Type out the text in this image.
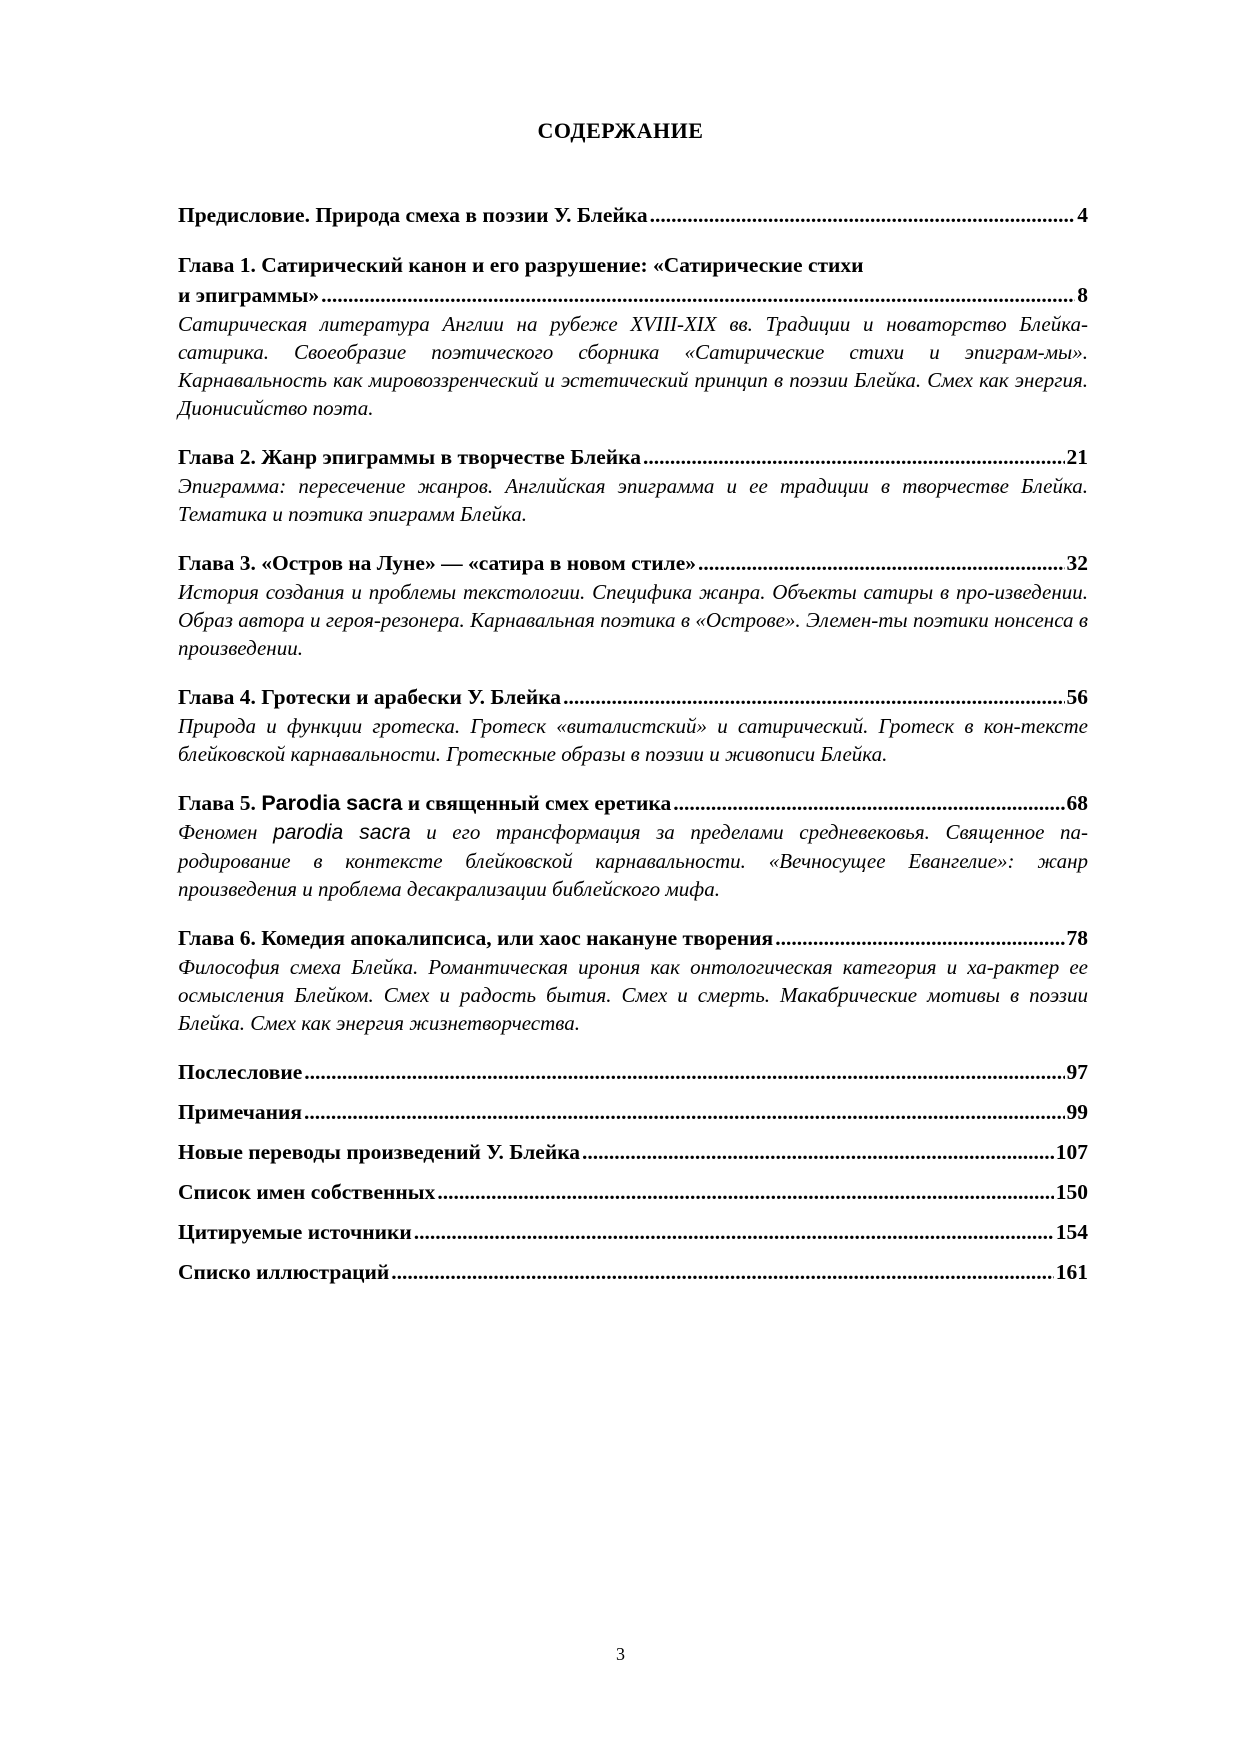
СОДЕРЖАНИЕ
Предисловие. Природа смеха в поэзии У. Блейка .....	4
Глава 1. Сатирический канон и его разрушение: «Сатирические стихи
и эпиграммы» .....	8
Сатирическая литература Англии на рубеже XVIII-XIX вв. Традиции и новаторство Блейка-сатирика. Своеобразие поэтического сборника «Сатирические стихи и эпиграм-мы». Карнавальность как мировоззренческий и эстетический принцип в поэзии Блейка. Смех как энергия. Дионисийство поэта.
Глава 2. Жанр эпиграммы в творчестве Блейка .....	21
Эпиграмма: пересечение жанров. Английская эпиграмма и ее традиции в творчестве Блейка. Тематика и поэтика эпиграмм Блейка.
Глава 3. «Остров на Луне» — «сатира в новом стиле» .....	32
История создания и проблемы текстологии. Специфика жанра. Объекты сатиры в про-изведении. Образ автора и героя-резонера. Карнавальная поэтика в «Острове». Элемен-ты поэтики нонсенса в произведении.
Глава 4. Гротески и арабески У. Блейка .....	56
Природа и функции гротеска. Гротеск «виталистский» и сатирический. Гротеск в кон-тексте блейковской карнавальности. Гротескные образы в поэзии и живописи Блейка.
Глава 5. Parodia sacra и священный смех еретика .....	68
Феномен parodia sacra и его трансформация за пределами средневековья. Священное па-родирование в контексте блейковской карнавальности. «Вечносущее Евангелие»: жанр произведения и проблема десакрализации библейского мифа.
Глава 6. Комедия апокалипсиса, или хаос накануне творения .....	78
Философия смеха Блейка. Романтическая ирония как онтологическая категория и ха-рактер ее осмысления Блейком. Смех и радость бытия. Смех и смерть. Макабрические мотивы в поэзии Блейка. Смех как энергия жизнетворчества.
Послесловие .....	97
Примечания .....	99
Новые переводы произведений У. Блейка .....	107
Список имен собственных .....	150
Цитируемые источники .....	154
Списко иллюстраций .....	161
3
